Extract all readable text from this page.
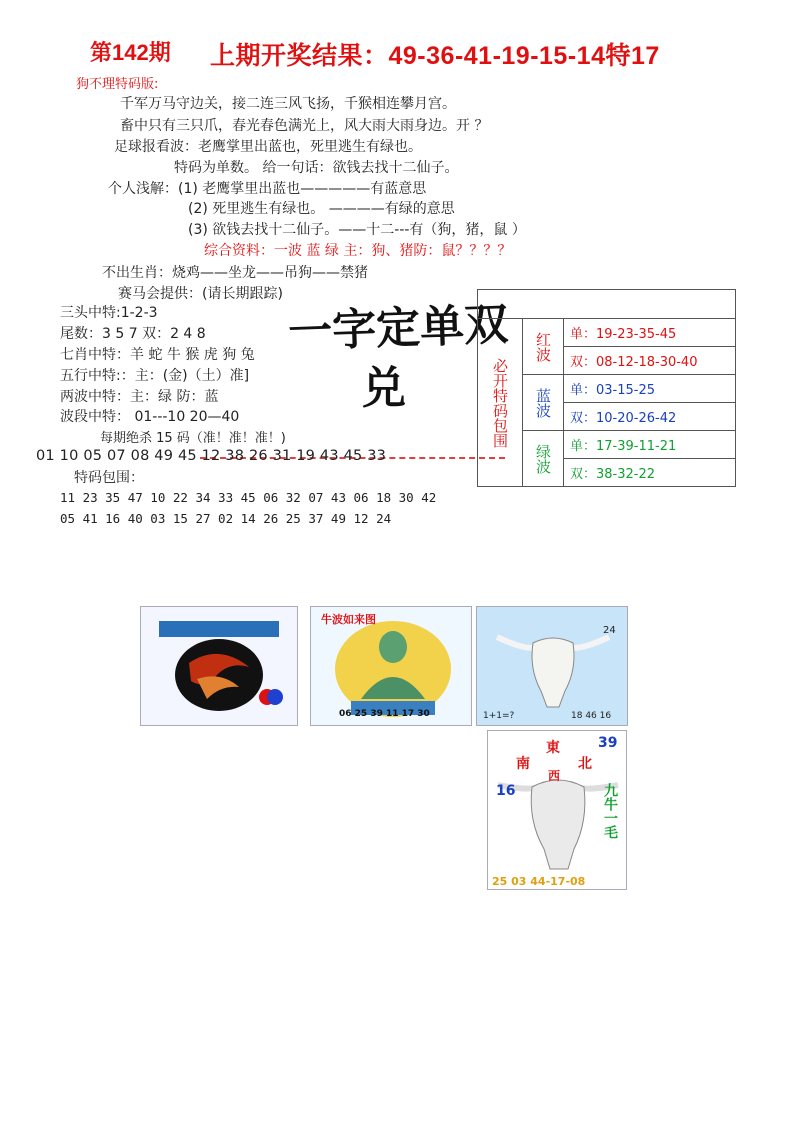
第142期 上期开奖结果：49-36-41-19-15-14特17
狗不理特码版:
千军万马守边关，接二连三风飞扬，千猴相连攀月宫。
畜中只有三只爪，春光春色满光上，风大雨大雨身边。开 ？
足球报看波：老鹰掌里出蓝也，死里逃生有绿也。
特码为单数。 给一句话：欲钱去找十二仙子。
个人浅解：(1) 老鹰掌里出蓝也—————有蓝意思
(2) 死里逃生有绿也。 ————有绿的意思
(3) 欲钱去找十二仙子。——十二---有（狗，猪，鼠 ）
综合资料：一波 蓝 绿 主：狗、猪防：鼠？？？？
不出生肖：烧鸡——坐龙——吊狗——禁猪
赛马会提供：(请长期跟踪)
三头中特:1-2-3
尾数：3 5 7 双：2 4 8
七肖中特：羊 蛇 牛 猴 虎 狗 兔
五行中特:：主：(金)（土）准]
两波中特：主：绿 防：蓝
波段中特： 01---10 20—40
每期绝杀 15 码（准！准！准！)
一字定单双
兑
01 10 05 07 08 49 45 12 38 26 31 19 43 45 33
特码包围：
11 23 35 47 10 22 34 33 45 06 32 07 43 06 18 30 42
05 41 16 40 03 15 27 02 14 26 25 37 49 12 24

必开特码包围	红波	单：19-23-35-45
		双：08-12-18-30-40
	蓝波	单：03-15-25
		双：10-20-26-42
	绿波	单：17-39-11-21
		双：38-32-22
牛波如来图
06 25 39 11 17 30
24
1+1=?	18 46 16
東
南	北
西
39
16	九牛一毛
25 03 44-17-08
